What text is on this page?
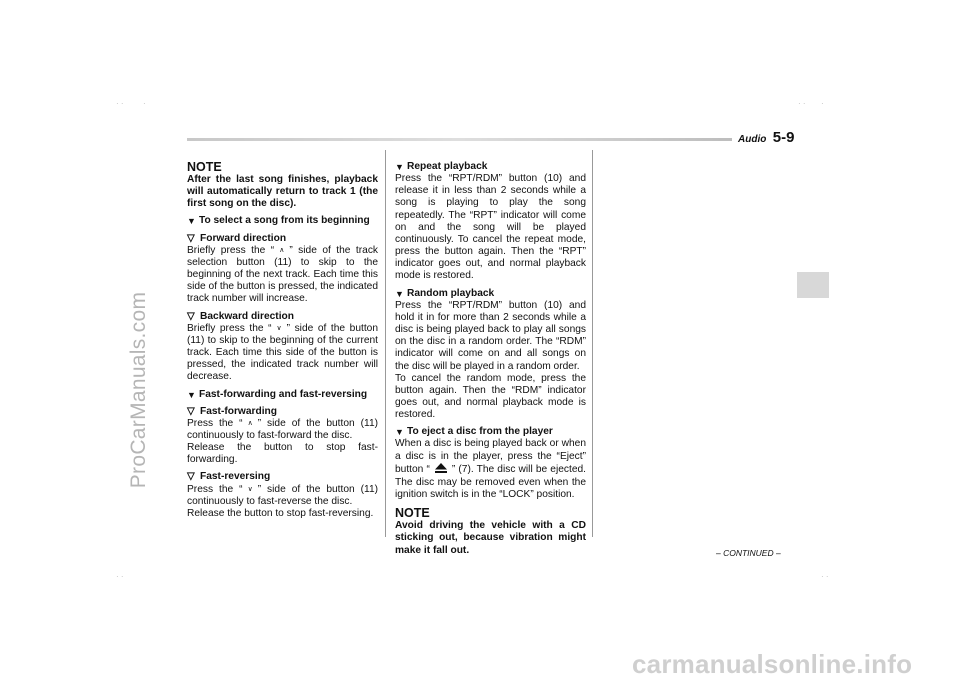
ProCarManuals.com
carmanualsonline.info
· · ·	· · ·
· ·	· ·
Audio 5-9
NOTE

After the last song finishes, playback will automatically return to track 1 (the first song on the disc).

▼ To select a song from its beginning

▽ Forward direction

Briefly press the “ ∧ ” side of the track selection button (11) to skip to the beginning of the next track. Each time this side of the button is pressed, the indicated track number will increase.

▽ Backward direction

Briefly press the “ ∨ ” side of the button (11) to skip to the beginning of the current track. Each time this side of the button is pressed, the indicated track number will decrease.

▼ Fast-forwarding and fast-reversing

▽ Fast-forwarding

Press the “ ∧ ” side of the button (11) continuously to fast-forward the disc.

Release the button to stop fast-forwarding.

▽ Fast-reversing

Press the “ ∨ ” side of the button (11) continuously to fast-reverse the disc.

Release the button to stop fast-reversing.

▼ Repeat playback

Press the “RPT/RDM” button (10) and release it in less than 2 seconds while a song is playing to play the song repeatedly. The “RPT” indicator will come on and the song will be played continuously. To cancel the repeat mode, press the button again. Then the “RPT” indicator goes out, and normal playback mode is restored.

▼ Random playback

Press the “RPT/RDM” button (10) and hold it in for more than 2 seconds while a disc is being played back to play all songs on the disc in a random order. The “RDM” indicator will come on and all songs on the disc will be played in a random order.

To cancel the random mode, press the button again. Then the “RDM” indicator goes out, and normal playback mode is restored.

▼ To eject a disc from the player

When a disc is being played back or when a disc is in the player, press the “Eject” button “ ” (7). The disc will be ejected. The disc may be removed even when the ignition switch is in the “LOCK” position.

NOTE

Avoid driving the vehicle with a CD sticking out, because vibration might make it fall out.	– CONTINUED –
